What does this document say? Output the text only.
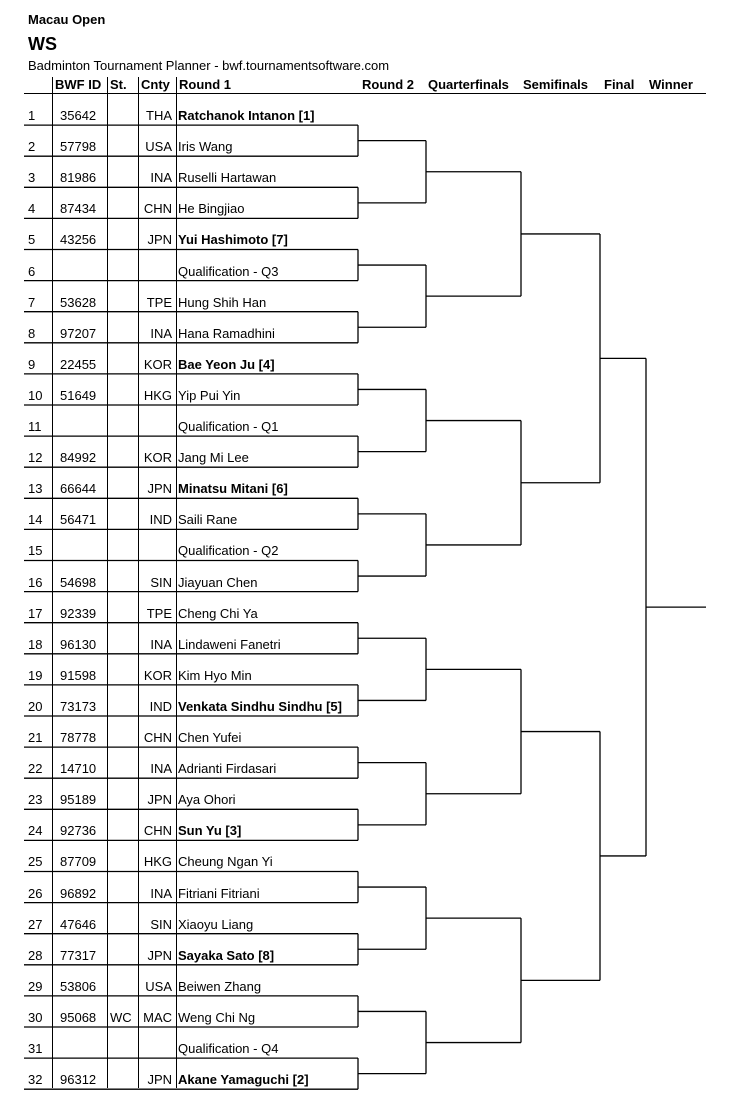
Macau Open
WS
Badminton Tournament Planner - bwf.tournamentsoftware.com
BWF ID St. Cnty Round 1	Round 2 Quarterfinals Semifinals Final Winner
1 35642	THA Ratchanok Intanon [1]
2 57798	USA Iris Wang
3 81986	INA Ruselli Hartawan
4 87434	CHN He Bingjiao
5 43256	JPN Yui Hashimoto [7]
6	Qualification - Q3
7 53628	TPE Hung Shih Han
8 97207	INA Hana Ramadhini
9 22455	KOR Bae Yeon Ju [4]
10 51649	HKG Yip Pui Yin
11	Qualification - Q1
12 84992	KOR Jang Mi Lee
13 66644	JPN Minatsu Mitani [6]
14 56471	IND Saili Rane
15	Qualification - Q2
16 54698	SIN Jiayuan Chen
17 92339	TPE Cheng Chi Ya
18 96130	INA Lindaweni Fanetri
19 91598	KOR Kim Hyo Min
20 73173	IND Venkata Sindhu Sindhu [5]
21 78778	CHN Chen Yufei
22 14710	INA Adrianti Firdasari
23 95189	JPN Aya Ohori
24 92736	CHN Sun Yu [3]
25 87709	HKG Cheung Ngan Yi
26 96892	INA Fitriani Fitriani
27 47646	SIN Xiaoyu Liang
28 77317	JPN Sayaka Sato [8]
29 53806	USA Beiwen Zhang
30 95068 WC MAC Weng Chi Ng
31	Qualification - Q4
32 96312	JPN Akane Yamaguchi [2]
